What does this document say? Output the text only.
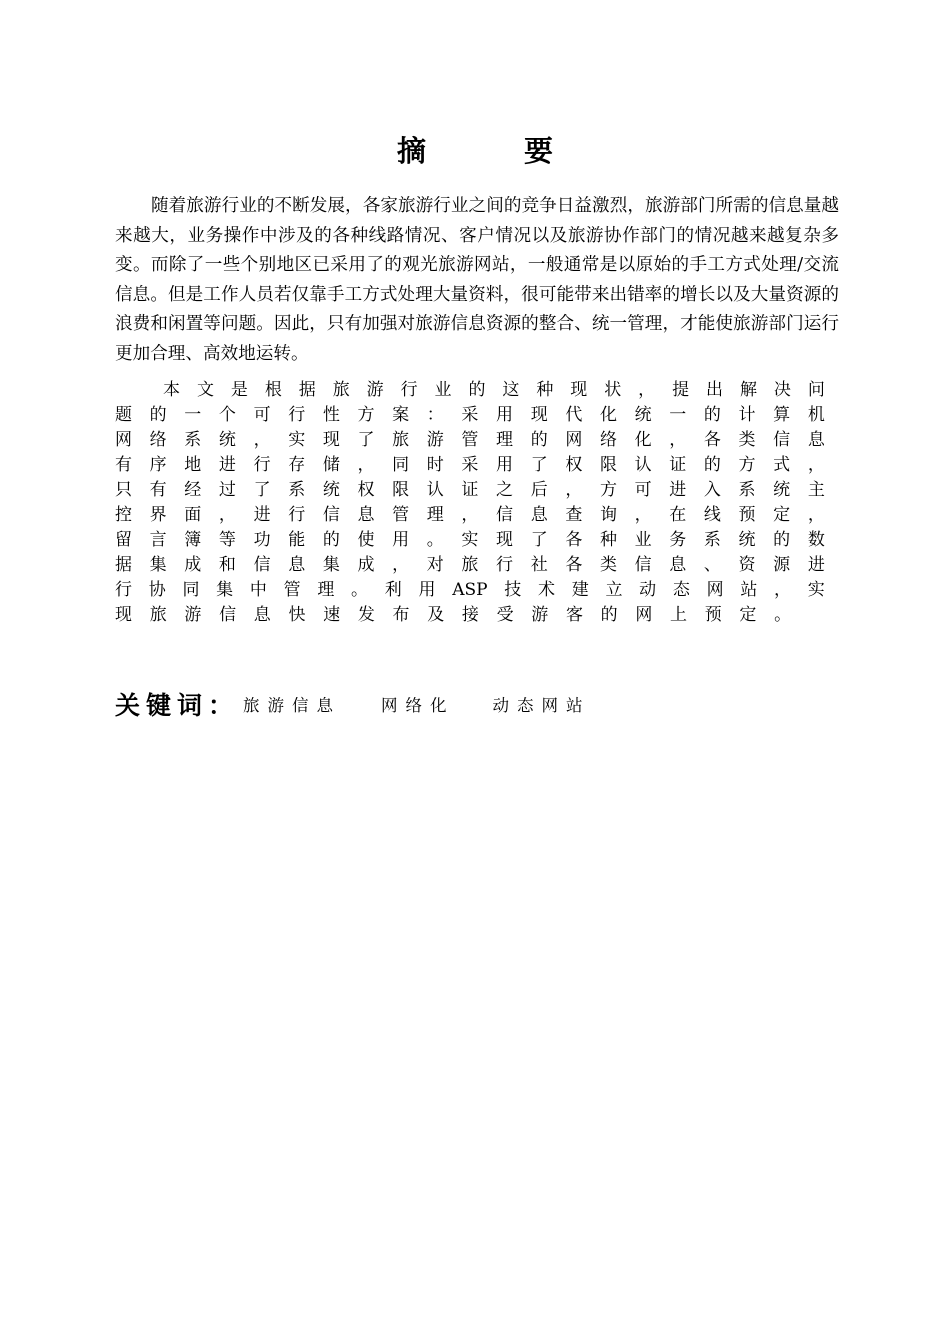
摘 要

随着旅游行业的不断发展，各家旅游行业之间的竞争日益激烈，旅游部门所需的信息量越来越大，业务操作中涉及的各种线路情况、客户情况以及旅游协作部门的情况越来越复杂多变。而除了一些个别地区已采用了的观光旅游网站，一般通常是以原始的手工方式处理/交流信息。但是工作人员若仅靠手工方式处理大量资料，很可能带来出错率的增长以及大量资源的浪费和闲置等问题。因此，只有加强对旅游信息资源的整合、统一管理，才能使旅游部门运行更加合理、高效地运转。

本 文 是 根 据 旅 游 行 业 的 这 种 现 状 ， 提 出 解 决 问
题 的 一 个 可 行 性 方 案 ： 采 用 现 代 化 统 一 的 计 算 机
网 络 系 统 ， 实 现 了 旅 游 管 理 的 网 络 化 ， 各 类 信 息
有 序 地 进 行 存 储 ， 同 时 采 用 了 权 限 认 证 的 方 式 ，
只 有 经 过 了 系 统 权 限 认 证 之 后 ， 方 可 进 入 系 统 主
控 界 面 ， 进 行 信 息 管 理 ， 信 息 查 询 ， 在 线 预 定 ，
留 言 簿 等 功 能 的 使 用 。 实 现 了 各 种 业 务 系 统 的 数
据 集 成 和 信 息 集 成 ， 对 旅 行 社 各 类 信 息 、 资 源 进
行 协 同 集 中 管 理 。 利 用 ASP 技 术 建 立 动 态 网 站 ， 实
现 旅 游 信 息 快 速 发 布 及 接 受 游 客 的 网 上 预 定 。
关键词： 旅游信息 网络化 动态网站
